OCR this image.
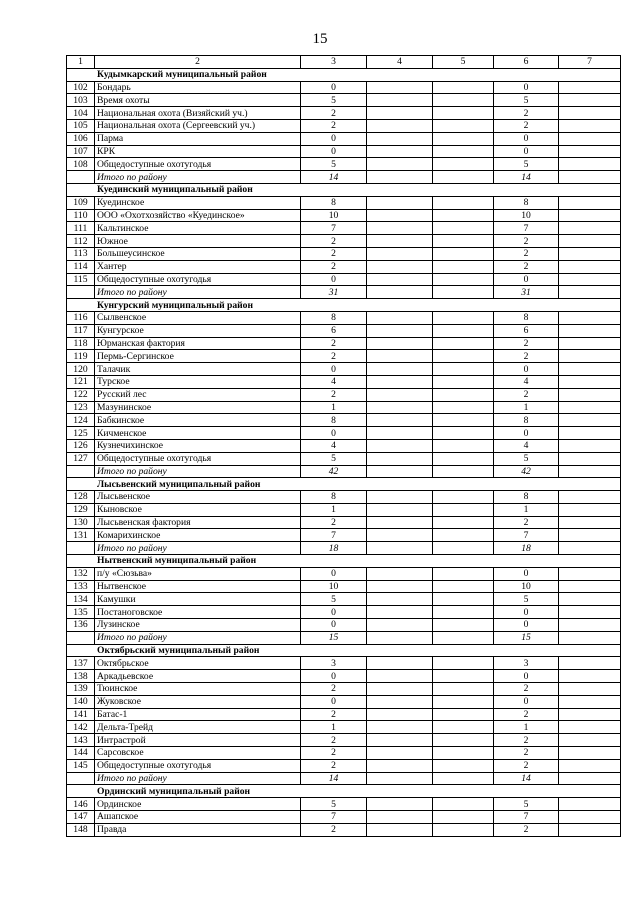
15
1	2	3	4	5	6	7
Кудымкарский муниципальный район						
102	Бондарь	0			0	
103	Время охоты	5			5	
104	Национальная охота (Визяйский уч.)	2			2	
105	Национальная охота (Сергеевский уч.)	2			2	
106	Парма	0			0	
107	КРК	0			0	
108	Общедоступные охотугодья	5			5	
	Итого по району	14			14	
Куединский муниципальный район						
109	Куединское	8			8	
110	ООО «Охотхозяйство «Куединское»	10			10	
111	Кальтинское	7			7	
112	Южное	2			2	
113	Большеусинское	2			2	
114	Хантер	2			2	
115	Общедоступные охотугодья	0			0	
	Итого по району	31			31	
Кунгурский муниципальный район						
116	Сылвенское	8			8	
117	Кунгурское	6			6	
118	Юрманская фактория	2			2	
119	Пермь-Сергинское	2			2	
120	Талачик	0			0	
121	Турское	4			4	
122	Русский лес	2			2	
123	Мазунинское	1			1	
124	Бабкинское	8			8	
125	Кичменское	0			0	
126	Кузнечихинское	4			4	
127	Общедоступные охотугодья	5			5	
	Итого по району	42			42	
Лысьвенский муниципальный район						
128	Лысьвенское	8			8	
129	Кыновское	1			1	
130	Лысьвенская фактория	2			2	
131	Комарихинское	7			7	
	Итого по району	18			18	
Нытвенский муниципальный район						
132	п/у «Сюзьва»	0			0	
133	Нытвенское	10			10	
134	Камушки	5			5	
135	Постаноговское	0			0	
136	Лузинское	0			0	
	Итого по району	15			15	
Октябрьский муниципальный район						
137	Октябрьское	3			3	
138	Аркадьевское	0			0	
139	Тюинское	2			2	
140	Жуковское	0			0	
141	Батас-1	2			2	
142	Дельта-Трейд	1			1	
143	Интрастрой	2			2	
144	Сарсовское	2			2	
145	Общедоступные охотугодья	2			2	
	Итого по району	14			14	
Ординский муниципальный район						
146	Ординское	5			5	
147	Ашапское	7			7	
148	Правда	2			2	
